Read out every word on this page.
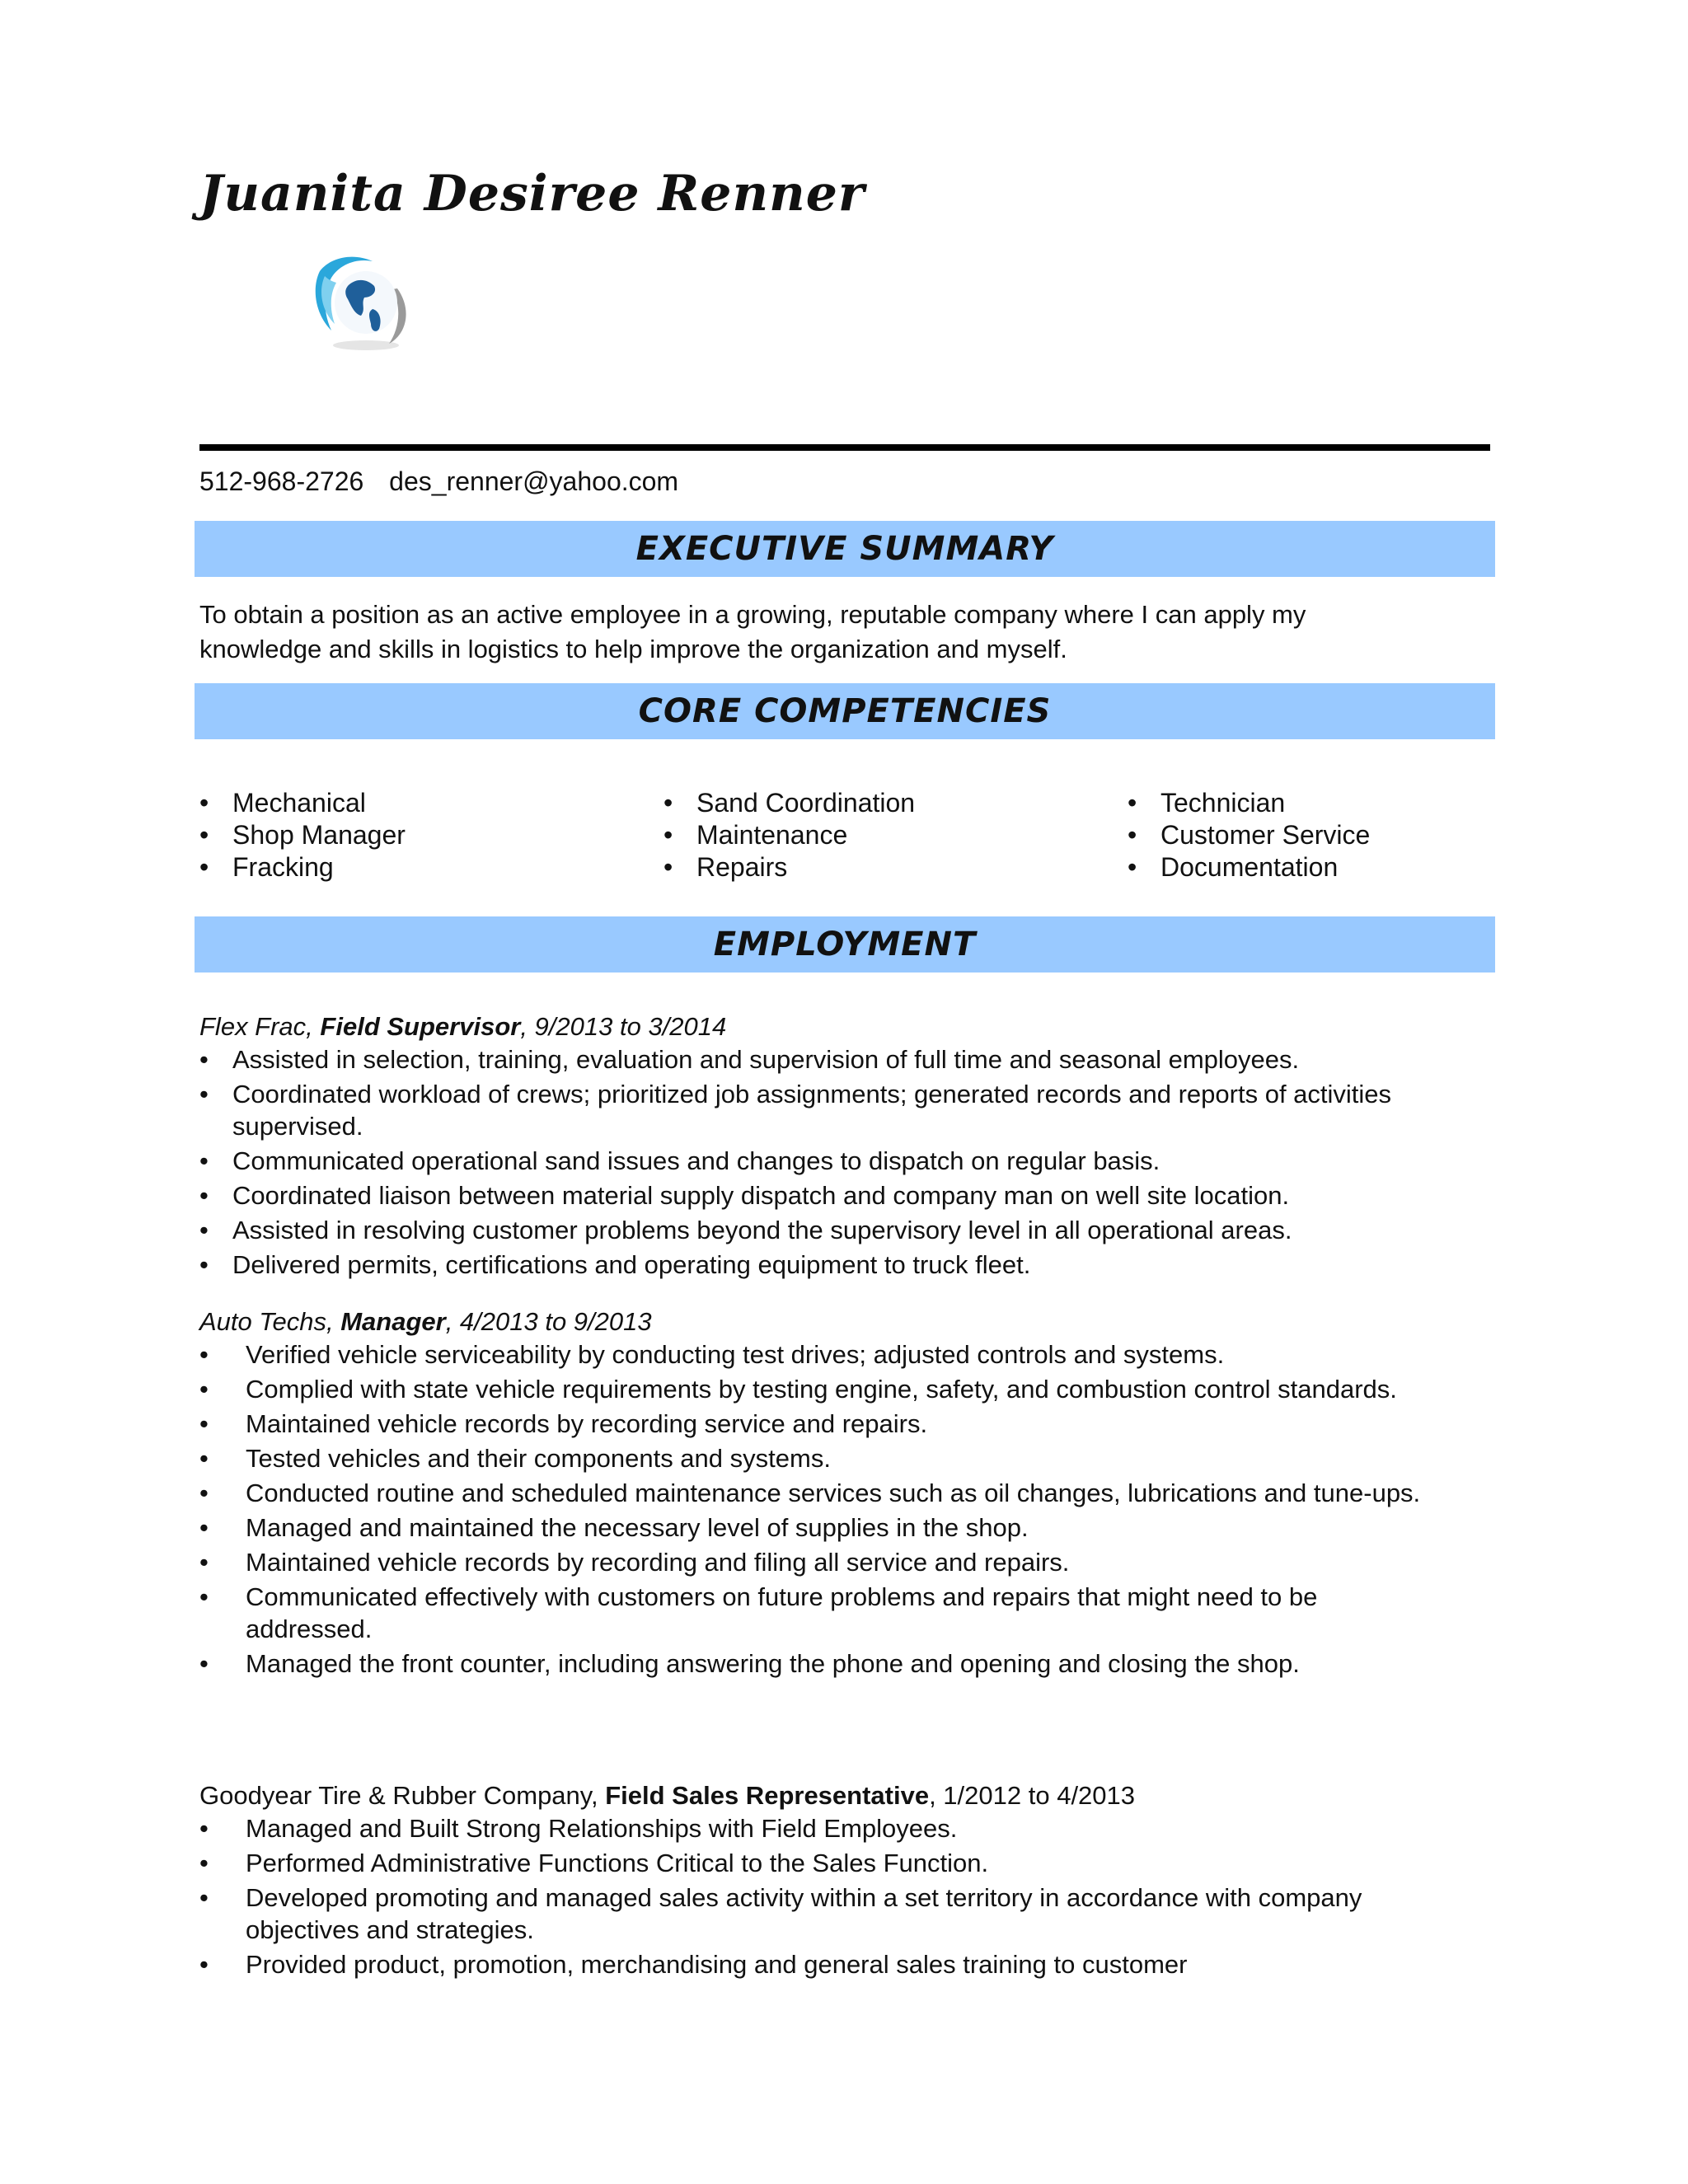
Juanita Desiree Renner
512-968-2726 des_renner@yahoo.com
EXECUTIVE SUMMARY

To obtain a position as an active employee in a growing, reputable company where I can apply my

knowledge and skills in logistics to help improve the organization and myself.

CORE COMPETENCIES
• Mechanical
• Shop Manager
• Fracking
• Sand Coordination
• Maintenance
• Repairs
• Technician
• Customer Service
• Documentation
EMPLOYMENT
Flex Frac, Field Supervisor, 9/2013 to 3/2014
• Assisted in selection, training, evaluation and supervision of full time and seasonal employees.
• Coordinated workload of crews; prioritized job assignments; generated records and reports of activities supervised.
• Communicated operational sand issues and changes to dispatch on regular basis.
• Coordinated liaison between material supply dispatch and company man on well site location.
• Assisted in resolving customer problems beyond the supervisory level in all operational areas.
• Delivered permits, certifications and operating equipment to truck fleet.
Auto Techs, Manager, 4/2013 to 9/2013
• Verified vehicle serviceability by conducting test drives; adjusted controls and systems.
• Complied with state vehicle requirements by testing engine, safety, and combustion control standards.
• Maintained vehicle records by recording service and repairs.
• Tested vehicles and their components and systems.
• Conducted routine and scheduled maintenance services such as oil changes, lubrications and tune-ups.
• Managed and maintained the necessary level of supplies in the shop.
• Maintained vehicle records by recording and filing all service and repairs.
• Communicated effectively with customers on future problems and repairs that might need to be addressed.
• Managed the front counter, including answering the phone and opening and closing the shop.
Goodyear Tire & Rubber Company, Field Sales Representative, 1/2012 to 4/2013
• Managed and Built Strong Relationships with Field Employees.
• Performed Administrative Functions Critical to the Sales Function.
• Developed promoting and managed sales activity within a set territory in accordance with company objectives and strategies.
• Provided product, promotion, merchandising and general sales training to customer
